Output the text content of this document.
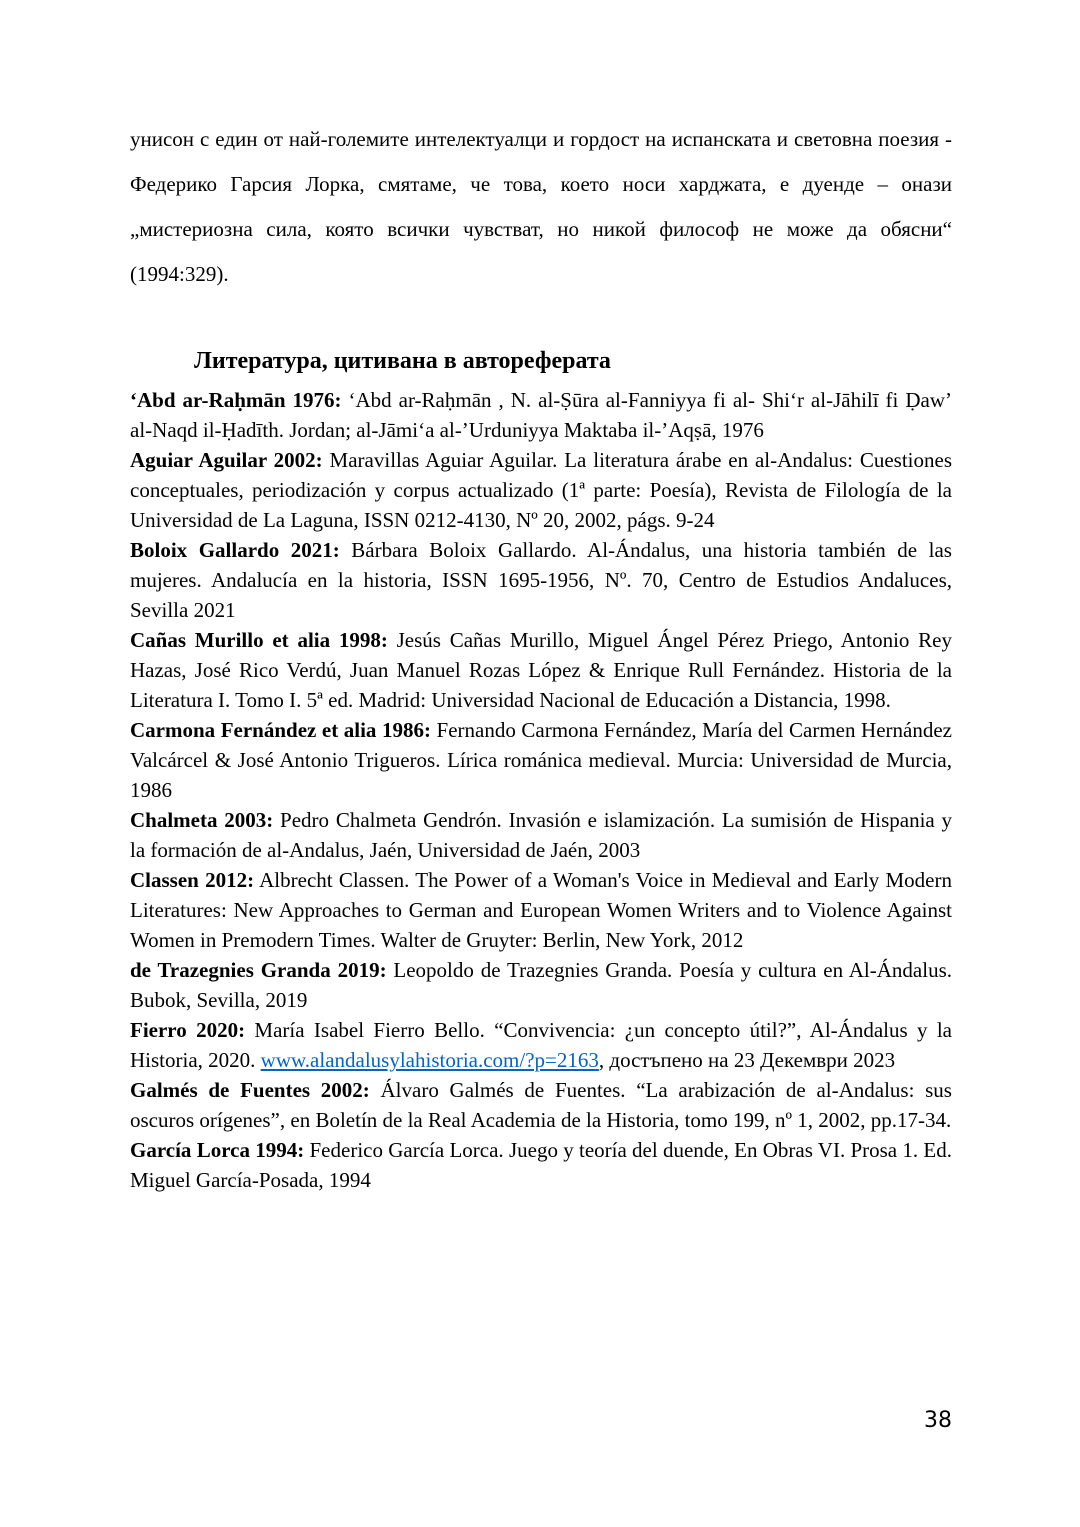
унисон с един от най-големите интелектуалци и гордост на испанската и световна поезия - Федерико Гарсия Лорка, смятаме, че това, което носи харджата, е дуенде – онази „мистериозна сила, която всички чувстват, но никой философ не може да обясни“ (1994:329).

Литература, цитивана в автореферата

‘Abd ar-Raḥmān 1976: ‘Abd ar-Raḥmān , N. al-Ṣūra al-Fanniyya fi al- Shi‘r al-Jāhilī fi Ḍaw’ al-Naqd il-Ḥadīth. Jordan; al-Jāmi‘a al-’Urduniyya Maktaba il-’Aqṣā, 1976

Aguiar Aguilar 2002: Maravillas Aguiar Aguilar. La literatura árabe en al-Andalus: Cuestiones conceptuales, periodización y corpus actualizado (1ª parte: Poesía), Revista de Filología de la Universidad de La Laguna, ISSN 0212-4130, Nº 20, 2002, págs. 9-24

Boloix Gallardo 2021: Bárbara Boloix Gallardo. Al-Ándalus, una historia también de las mujeres. Andalucía en la historia, ISSN 1695-1956, Nº. 70, Centro de Estudios Andaluces, Sevilla 2021

Cañas Murillo et alia 1998: Jesús Cañas Murillo, Miguel Ángel Pérez Priego, Antonio Rey Hazas, José Rico Verdú, Juan Manuel Rozas López & Enrique Rull Fernández. Historia de la Literatura I. Tomo I. 5ª ed. Madrid: Universidad Nacional de Educación a Distancia, 1998.

Carmona Fernández et alia 1986: Fernando Carmona Fernández, María del Carmen Hernández Valcárcel & José Antonio Trigueros. Lírica románica medieval. Murcia: Universidad de Murcia, 1986

Chalmeta 2003: Pedro Chalmeta Gendrón. Invasión e islamización. La sumisión de Hispania y la formación de al-Andalus, Jaén, Universidad de Jaén, 2003

Classen 2012: Albrecht Classen. The Power of a Woman's Voice in Medieval and Early Modern Literatures: New Approaches to German and European Women Writers and to Violence Against Women in Premodern Times. Walter de Gruyter: Berlin, New York, 2012

de Trazegnies Granda 2019: Leopoldo de Trazegnies Granda. Poesía y cultura en Al-Ándalus. Bubok, Sevilla, 2019

Fierro 2020: María Isabel Fierro Bello. “Convivencia: ¿un concepto útil?”, Al-Ándalus y la Historia, 2020. www.alandalusylahistoria.com/?p=2163, достъпено на 23 Декември 2023

Galmés de Fuentes 2002: Álvaro Galmés de Fuentes. “La arabización de al-Andalus: sus oscuros orígenes”, en Boletín de la Real Academia de la Historia, tomo 199, nº 1, 2002, pp.17-34.

García Lorca 1994: Federico García Lorca. Juego y teoría del duende, En Obras VI. Prosa 1. Ed. Miguel García-Posada, 1994

38
